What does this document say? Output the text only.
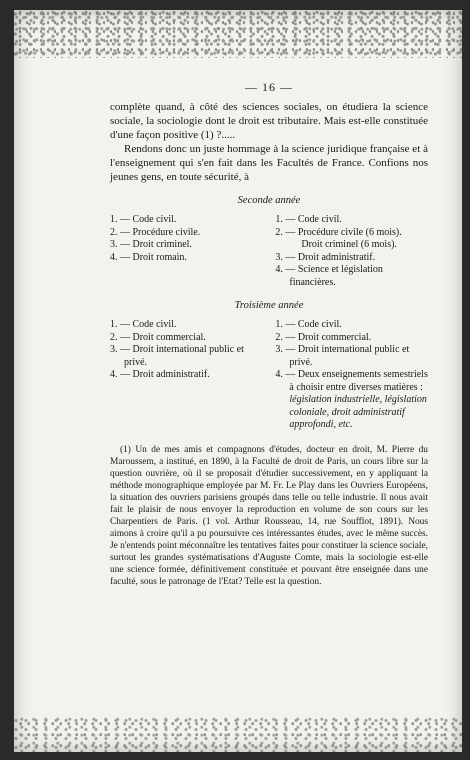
— 16 —

complète quand, à côté des sciences sociales, on étudiera la science sociale, la sociologie dont le droit est tributaire. Mais est-elle constituée d'une façon positive (1) ?.....

Rendons donc un juste hommage à la science juridique française et à l'enseignement qui s'en fait dans les Facultés de France. Confions nos jeunes gens, en toute sécurité, à

Seconde année
1. — Code civil.
2. — Procédure civile.
3. — Droit criminel.
4. — Droit romain.
1. — Code civil.
2. — Procédure civile (6 mois).
Droit criminel (6 mois).
3. — Droit administratif.
4. — Science et législation financières.
Troisième année
1. — Code civil.
2. — Droit commercial.
3. — Droit international public et privé.
4. — Droit administratif.
1. — Code civil.
2. — Droit commercial.
3. — Droit international public et privé.
4. — Deux enseignements semestriels à choisir entre diverses matières : législation industrielle, législation coloniale, droit administratif approfondi, etc.

(1) Un de mes amis et compagnons d'études, docteur en droit, M. Pierre du Maroussem, a institué, en 1890, à la Faculté de droit de Paris, un cours libre sur la question ouvrière, où il se proposait d'étudier successivement, en y appliquant la méthode monographique employée par M. Fr. Le Play dans les Ouvriers Européens, la situation des ouvriers parisiens groupés dans telle ou telle industrie. Il nous avait fait le plaisir de nous envoyer la reproduction en volume de son cours sur les Charpentiers de Paris. (1 vol. Arthur Rousseau, 14, rue Soufflot, 1891). Nous aimons à croire qu'il a pu poursuivre ces intéressantes études, avec le même succès. Je n'entends point méconnaître les tentatives faites pour constituer la science sociale, surtout les grandes systématisations d'Auguste Comte, mais la sociologie est-elle une science formée, définitivement constituée et pouvant être enseignée dans une faculté, sous le patronage de l'Etat? Telle est la question.
